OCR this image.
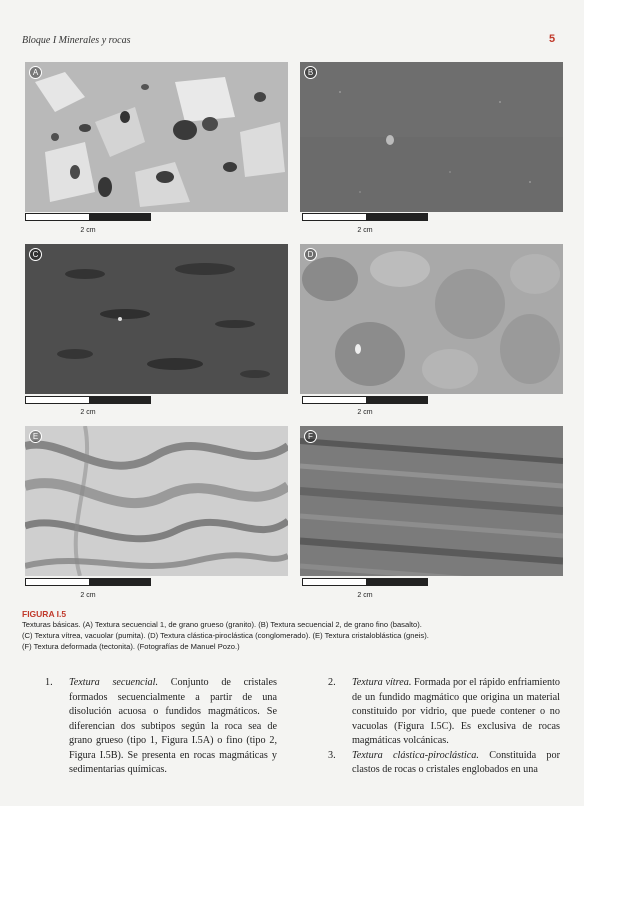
Bloque I Minerales y rocas	5
A	B
2 cm	2 cm
C	D
2 cm	2 cm
E	F
2 cm	2 cm
FIGURA I.5
Texturas básicas. (A) Textura secuencial 1, de grano grueso (granito). (B) Textura secuencial 2, de grano fino (basalto).
(C) Textura vítrea, vacuolar (pumita). (D) Textura clástica-piroclástica (conglomerado). (E) Textura cristaloblástica (gneis).
(F) Textura deformada (tectonita). (Fotografías de Manuel Pozo.)

1. Textura secuencial. Conjunto de cristales formados secuencialmente a partir de una disolución acuosa o fundidos magmáticos. Se diferencian dos subtipos según la roca sea de grano grueso (tipo 1, Figura I.5A) o fino (tipo 2, Figura I.5B). Se presenta en rocas magmáticas y sedimentarias químicas.

2. Textura vítrea. Formada por el rápido enfriamiento de un fundido magmático que origina un material constituido por vidrio, que puede contener o no vacuolas (Figura I.5C). Es exclusiva de rocas magmáticas volcánicas.

3. Textura clástica-piroclástica. Constituida por clastos de rocas o cristales englobados en una
